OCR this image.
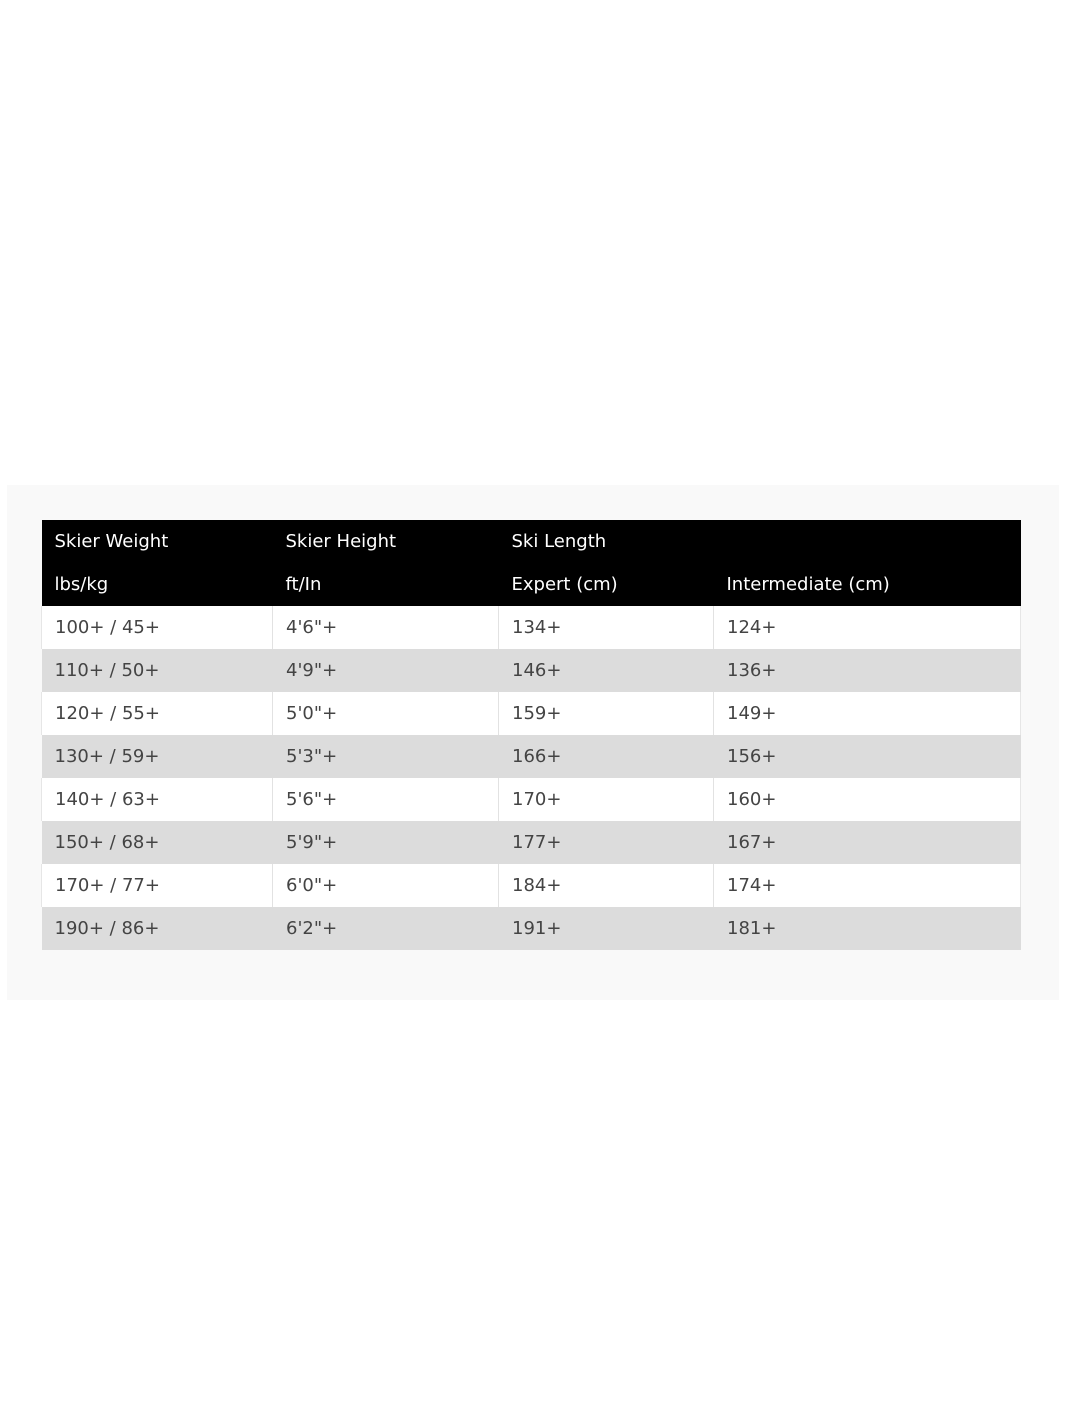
Skier Weight	Skier Height	Ski Length	
lbs/kg	ft/In	Expert (cm)	Intermediate (cm)
100+ / 45+	4'6"+	134+	124+
110+ / 50+	4'9"+	146+	136+
120+ / 55+	5'0"+	159+	149+
130+ / 59+	5'3"+	166+	156+
140+ / 63+	5'6"+	170+	160+
150+ / 68+	5'9"+	177+	167+
170+ / 77+	6'0"+	184+	174+
190+ / 86+	6'2"+	191+	181+
